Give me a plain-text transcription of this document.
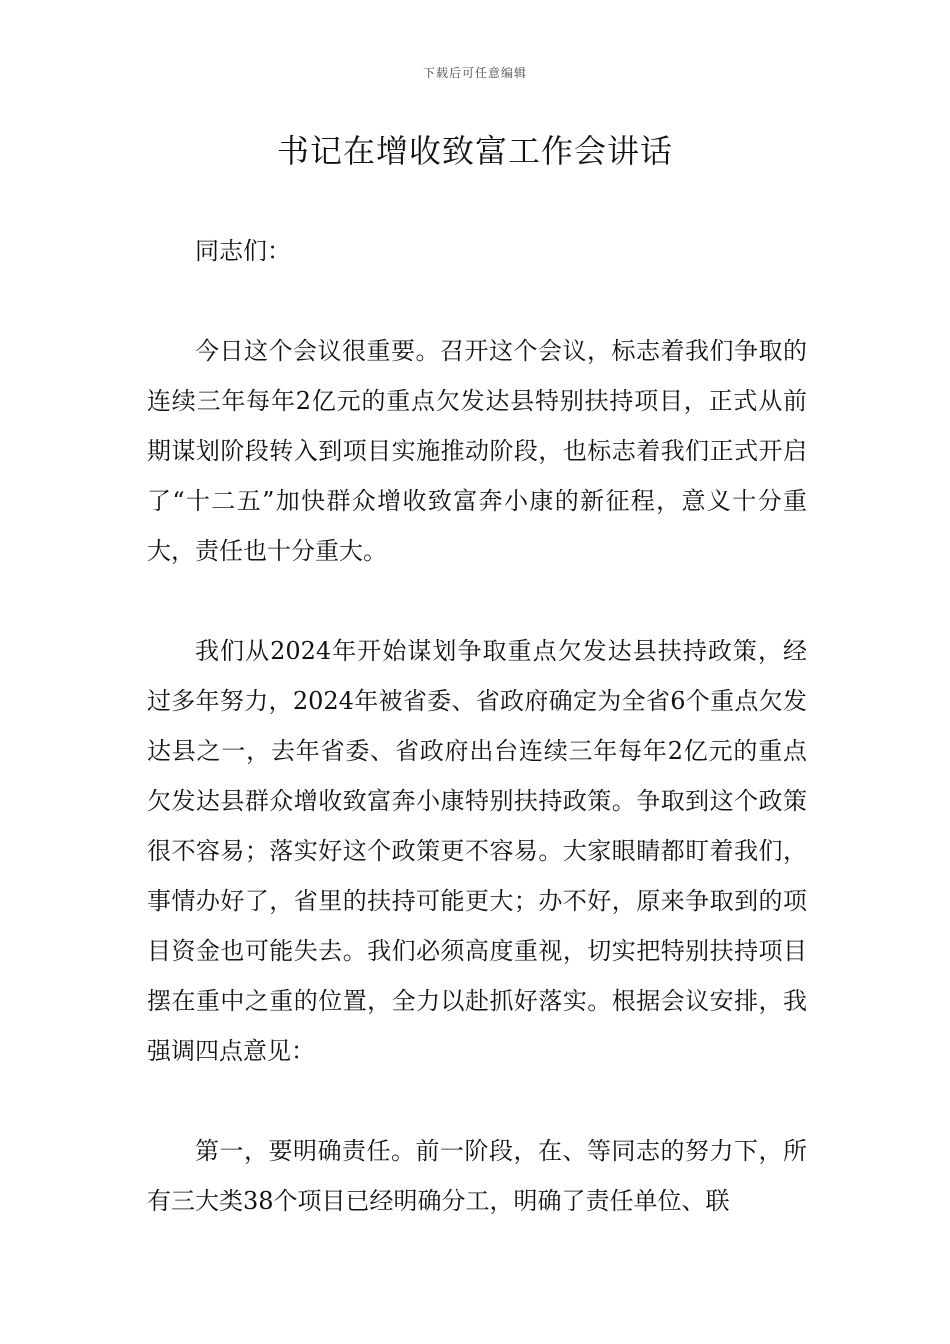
下载后可任意编辑
书记在增收致富工作会讲话

同志们：

今日这个会议很重要。召开这个会议，标志着我们争取的连续三年每年2亿元的重点欠发达县特别扶持项目，正式从前期谋划阶段转入到项目实施推动阶段，也标志着我们正式开启了“十二五”加快群众增收致富奔小康的新征程，意义十分重大，责任也十分重大。

我们从2024年开始谋划争取重点欠发达县扶持政策，经过多年努力，2024年被省委、省政府确定为全省6个重点欠发达县之一，去年省委、省政府出台连续三年每年2亿元的重点欠发达县群众增收致富奔小康特别扶持政策。争取到这个政策很不容易；落实好这个政策更不容易。大家眼睛都盯着我们，事情办好了，省里的扶持可能更大；办不好，原来争取到的项目资金也可能失去。我们必须高度重视，切实把特别扶持项目摆在重中之重的位置，全力以赴抓好落实。根据会议安排，我强调四点意见：

第一，要明确责任。前一阶段，在、等同志的努力下，所有三大类38个项目已经明确分工，明确了责任单位、联
